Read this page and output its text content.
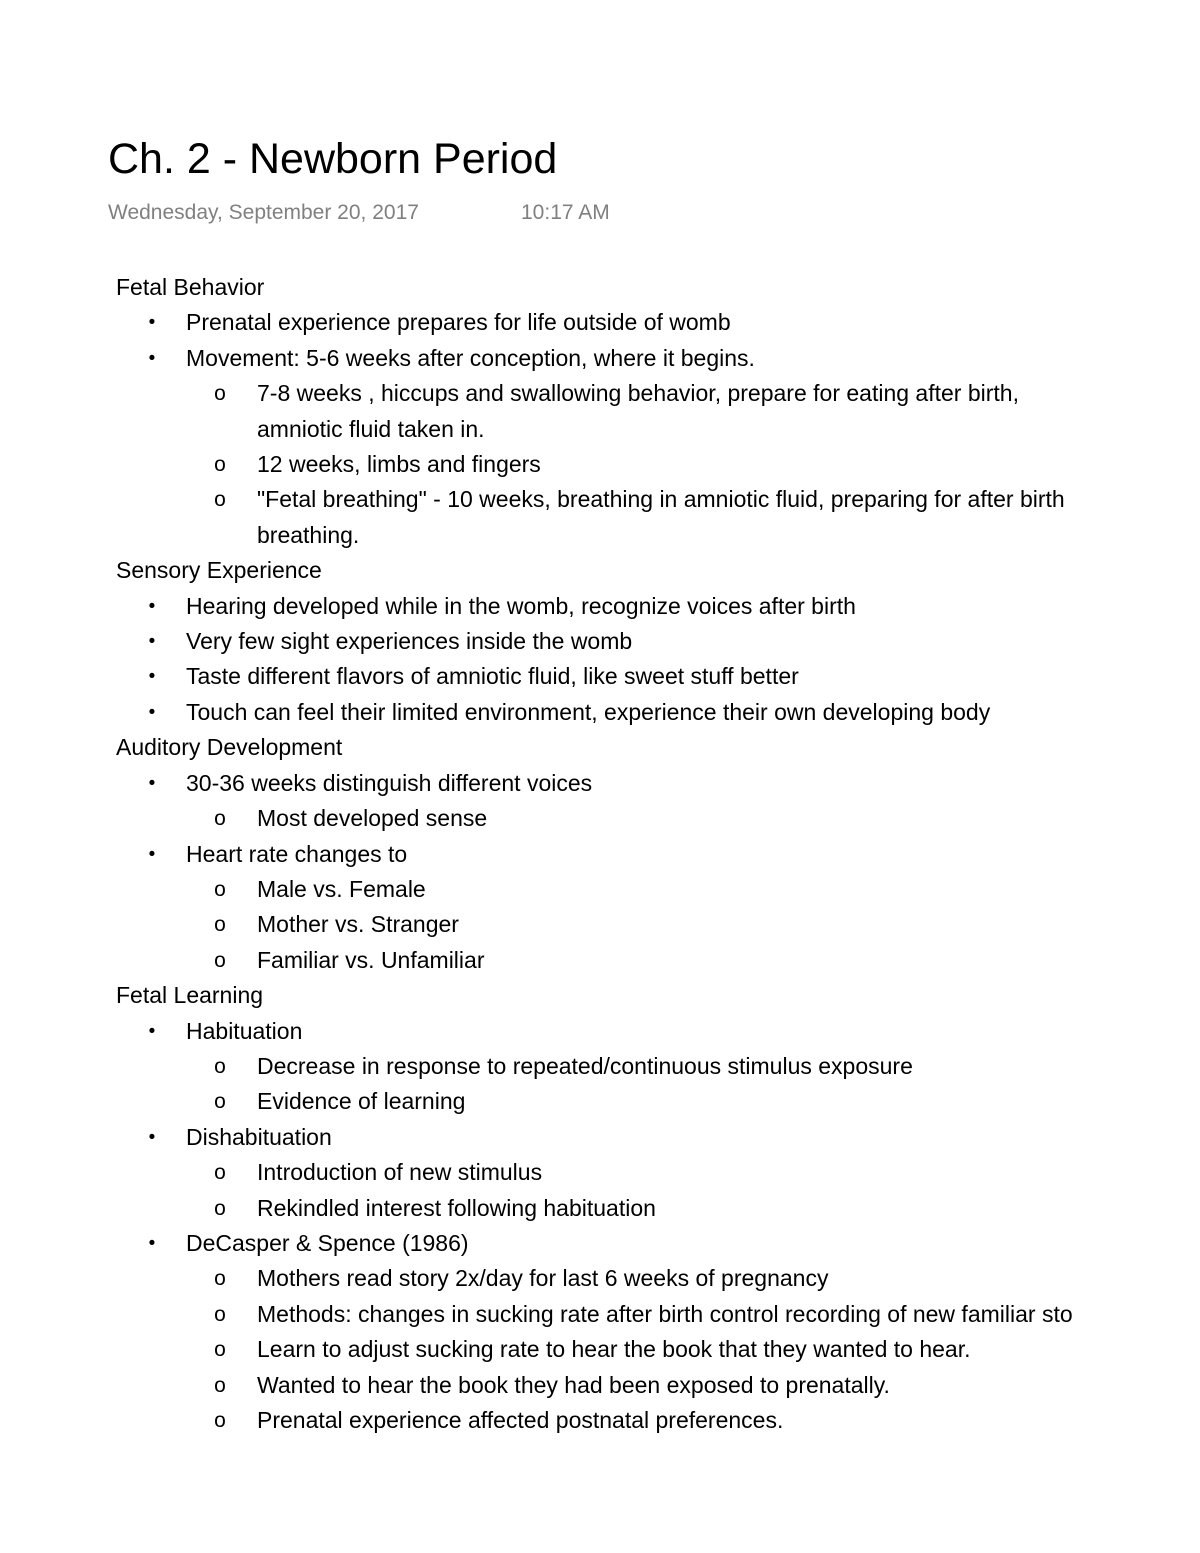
Ch. 2 - Newborn Period
Wednesday, September 20, 2017	10:17 AM
Fetal Behavior
• Prenatal experience prepares for life outside of womb
• Movement: 5-6 weeks after conception, where it begins.
o 7-8 weeks , hiccups and swallowing behavior, prepare for eating after birth,
amniotic fluid taken in.
o 12 weeks, limbs and fingers
o "Fetal breathing" - 10 weeks, breathing in amniotic fluid, preparing for after birth
breathing.
Sensory Experience
• Hearing developed while in the womb, recognize voices after birth
• Very few sight experiences inside the womb
• Taste different flavors of amniotic fluid, like sweet stuff better
• Touch can feel their limited environment, experience their own developing body
Auditory Development
• 30-36 weeks distinguish different voices
o Most developed sense
• Heart rate changes to
o Male vs. Female
o Mother vs. Stranger
o Familiar vs. Unfamiliar
Fetal Learning
• Habituation
o Decrease in response to repeated/continuous stimulus exposure
o Evidence of learning
• Dishabituation
o Introduction of new stimulus
o Rekindled interest following habituation
• DeCasper & Spence (1986)
o Mothers read story 2x/day for last 6 weeks of pregnancy
o Methods: changes in sucking rate after birth control recording of new familiar sto
o Learn to adjust sucking rate to hear the book that they wanted to hear.
o Wanted to hear the book they had been exposed to prenatally.
o Prenatal experience affected postnatal preferences.
